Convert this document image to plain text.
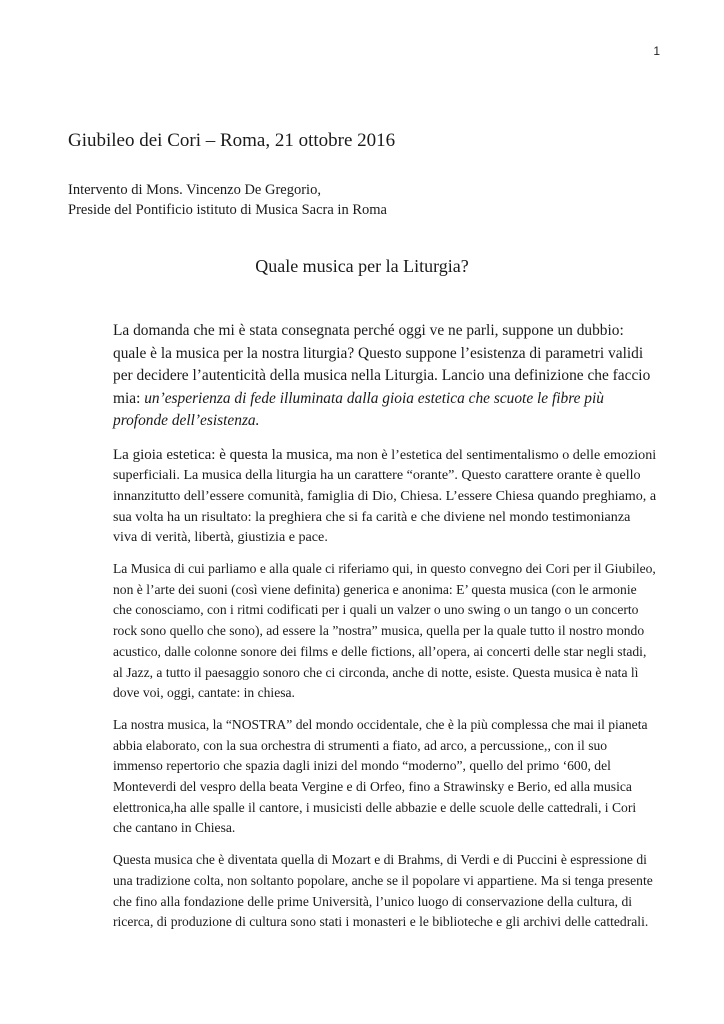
1
Giubileo dei Cori – Roma, 21 ottobre 2016
Intervento di Mons. Vincenzo De Gregorio,
Preside del Pontificio istituto di Musica Sacra in Roma
Quale musica per la Liturgia?

La domanda che mi è stata consegnata perché oggi ve ne parli, suppone un dubbio: quale è la musica per la nostra liturgia? Questo suppone l’esistenza di parametri validi per decidere l’autenticità della musica nella Liturgia. Lancio una definizione che faccio mia: un’esperienza di fede illuminata dalla gioia estetica che scuote le fibre più profonde dell’esistenza.

La gioia estetica: è questa la musica, ma non è l’estetica del sentimentalismo o delle emozioni superficiali. La musica della liturgia ha un carattere “orante”. Questo carattere orante è quello innanzitutto dell’essere comunità, famiglia di Dio, Chiesa. L’essere Chiesa quando preghiamo, a sua volta ha un risultato: la preghiera che si fa carità e che diviene nel mondo testimonianza viva di verità, libertà, giustizia e pace.

La Musica di cui parliamo e alla quale ci riferiamo qui, in questo convegno dei Cori per il Giubileo, non è l’arte dei suoni (così viene definita) generica e anonima: E’ questa musica (con le armonie che conosciamo, con i ritmi codificati per i quali un valzer o uno swing o un tango o un concerto rock sono quello che sono), ad essere la ”nostra” musica, quella per la quale tutto il nostro mondo acustico, dalle colonne sonore dei films e delle fictions, all’opera, ai concerti delle star negli stadi, al Jazz, a tutto il paesaggio sonoro che ci circonda, anche di notte, esiste. Questa musica è nata lì dove voi, oggi, cantate: in chiesa.

La nostra musica, la “NOSTRA” del mondo occidentale, che è la più complessa che mai il pianeta abbia elaborato, con la sua orchestra di strumenti a fiato, ad arco, a percussione,, con il suo immenso repertorio che spazia dagli inizi del mondo “moderno”, quello del primo ‘600, del Monteverdi del vespro della beata Vergine e di Orfeo, fino a Strawinsky e Berio, ed alla musica elettronica,ha alle spalle il cantore, i musicisti delle abbazie e delle scuole delle cattedrali, i Cori che cantano in Chiesa.

Questa musica che è diventata quella di Mozart e di Brahms, di Verdi e di Puccini è espressione di una tradizione colta, non soltanto popolare, anche se il popolare vi appartiene. Ma si tenga presente che fino alla fondazione delle prime Università, l’unico luogo di conservazione della cultura, di ricerca, di produzione di cultura sono stati i monasteri e le biblioteche e gli archivi delle cattedrali.
